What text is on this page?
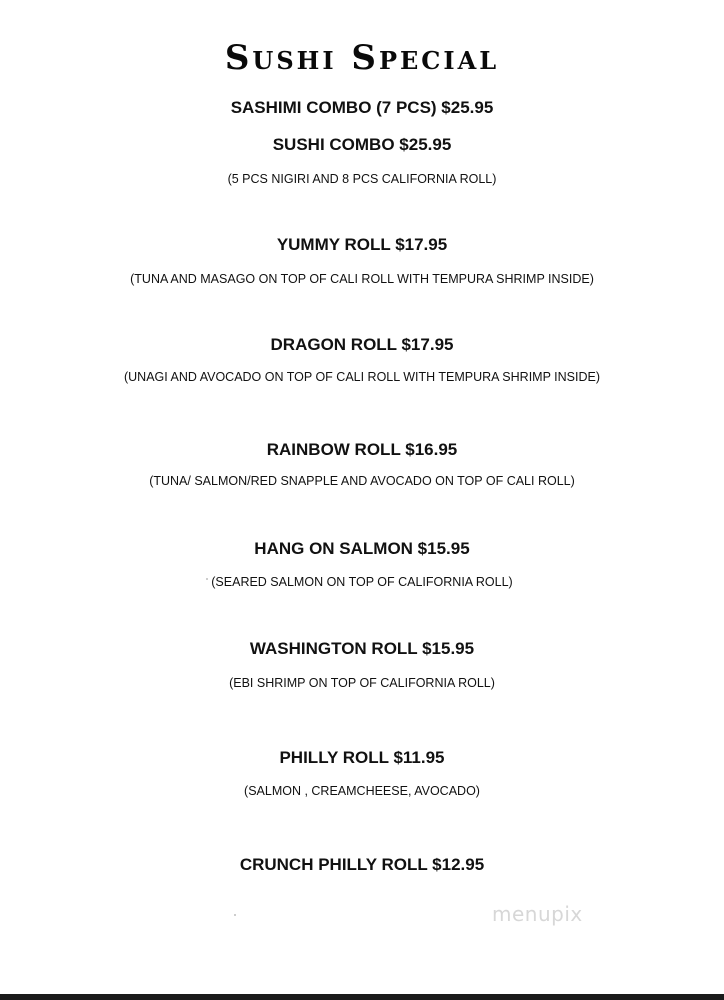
Sushi Special
SASHIMI COMBO (7 PCS) $25.95
SUSHI COMBO $25.95
(5 PCS NIGIRI AND 8 PCS CALIFORNIA ROLL)
YUMMY ROLL $17.95
(TUNA AND MASAGO ON TOP OF CALI ROLL WITH TEMPURA SHRIMP INSIDE)
DRAGON ROLL $17.95
(UNAGI AND AVOCADO ON TOP OF CALI ROLL WITH TEMPURA SHRIMP INSIDE)
RAINBOW ROLL $16.95
(TUNA/ SALMON/RED SNAPPLE AND AVOCADO ON TOP OF CALI ROLL)
HANG ON SALMON $15.95
(SEARED SALMON ON TOP OF CALIFORNIA ROLL)
WASHINGTON ROLL $15.95
(EBI SHRIMP ON TOP OF CALIFORNIA ROLL)
PHILLY ROLL $11.95
(SALMON , CREAMCHEESE, AVOCADO)
CRUNCH PHILLY ROLL $12.95
menupix
